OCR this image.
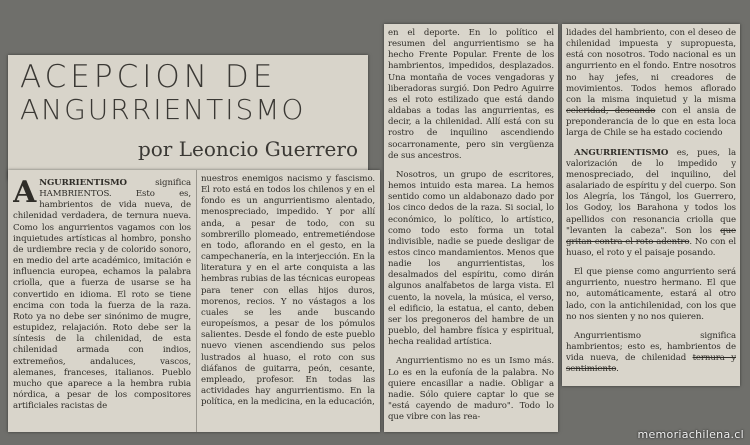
ACEPCION DE
ANGURRIENTISMO
por Leoncio Guerrero

ANGURRIENTISMO significa HAMBRIENTOS. Esto es, hambrientos de vida nueva, de chilenidad verdadera, de ternura nueva. Como los angurrientos vagamos con los inquietudes artísticas al hombro, ponsho de urdiembre recia y de colorido sonoro, en medio del arte académico, imitación e influencia europea, echamos la palabra criolla, que a fuerza de usarse se ha convertido en idioma. El roto se tiene encima con toda la fuerza de la raza. Roto ya no debe ser sinónimo de mugre, estupidez, relajación. Roto debe ser la síntesis de la chilenidad, de esta chilenidad armada con indios, extremeños, andaluces, vascos, alemanes, franceses, italianos. Pueblo mucho que aparece a la hembra rubia nórdica, a pesar de los compositores artificiales racistas de

nuestros enemigos nacismo y fascismo. El roto está en todos los chilenos y en el fondo es un angurrientismo alentado, menospreciado, impedido. Y por allí anda, a pesar de todo, con su sombrerillo plomeado, entremetiéndose en todo, aflorando en el gesto, en la campechanería, en la interjección. En la literatura y en el arte conquista a las hembras rubias de las técnicas europeas para tener con ellas hijos duros, morenos, recios. Y no vástagos a los cuales se les ande buscando europeísmos, a pesar de los pómulos salientes. Desde el fondo de este pueblo nuevo vienen ascendiendo sus pelos lustrados al huaso, el roto con sus diáfanos de guitarra, peón, cesante, empleado, profesor. En todas las actividades hay angurrientismo. En la política, en la medicina, en la educación,

en el deporte. En lo político el resumen del angurrientismo se ha hecho Frente Popular. Frente de los hambrientos, impedidos, desplazados. Una montaña de voces vengadoras y liberadoras surgió. Don Pedro Aguirre es el roto estilizado que está dando aldabas a todas las angurrientas, es decir, a la chilenidad. Allí está con su rostro de inquilino ascendiendo socarronamente, pero sin vergüenza de sus ancestros.

Nosotros, un grupo de escritores, hemos intuido esta marea. La hemos sentido como un aldabonazo dado por los cinco dedos de la raza. Si social, lo económico, lo político, lo artístico, como todo esto forma un total indivisible, nadie se puede desligar de estos cinco mandamientos. Menos que nadie los angurrientistas, los desalmados del espíritu, como dirán algunos analfabetos de larga vista. El cuento, la novela, la música, el verso, el edificio, la estatua, el canto, deben ser los pregoneros del hambre de un pueblo, del hambre física y espiritual, hecha realidad artística.

Angurrientismo no es un Ismo más. Lo es en la eufonía de la palabra. No quiere encasillar a nadie. Obligar a nadie. Sólo quiere captar lo que se "está cayendo de maduro". Todo lo que vibre con las rea-

lidades del hambriento, con el deseo de chilenidad impuesta y supropuesta, está con nosotros. Todo nacional es un angurriento en el fondo. Entre nosotros no hay jefes, ni creadores de movimientos. Todos hemos aflorado con la misma inquietud y la misma celeridad, deseando con el ansia de preponderancia de lo que en esta loca larga de Chile se ha estado cociendo

ANGURRIENTISMO es, pues, la valorización de lo impedido y menospreciado, del inquilino, del asalariado de espíritu y del cuerpo. Son los Alegría, los Tángol, los Guerrero, los Godoy, los Barahona y todos los apellidos con resonancia criolla que "levanten la cabeza". Son los que gritan contra el roto adentro. No con el huaso, el roto y el paisaje posando.

El que piense como angurriento será angurriento, nuestro hermano. El que no, automáticamente, estará al otro lado, con la antichilenidad, con los que no nos sienten y no nos quieren.

Angurrientismo significa hambrientos; esto es, hambrientos de vida nueva, de chilenidad ternura y sentimiento.

memoriachilena.cl
